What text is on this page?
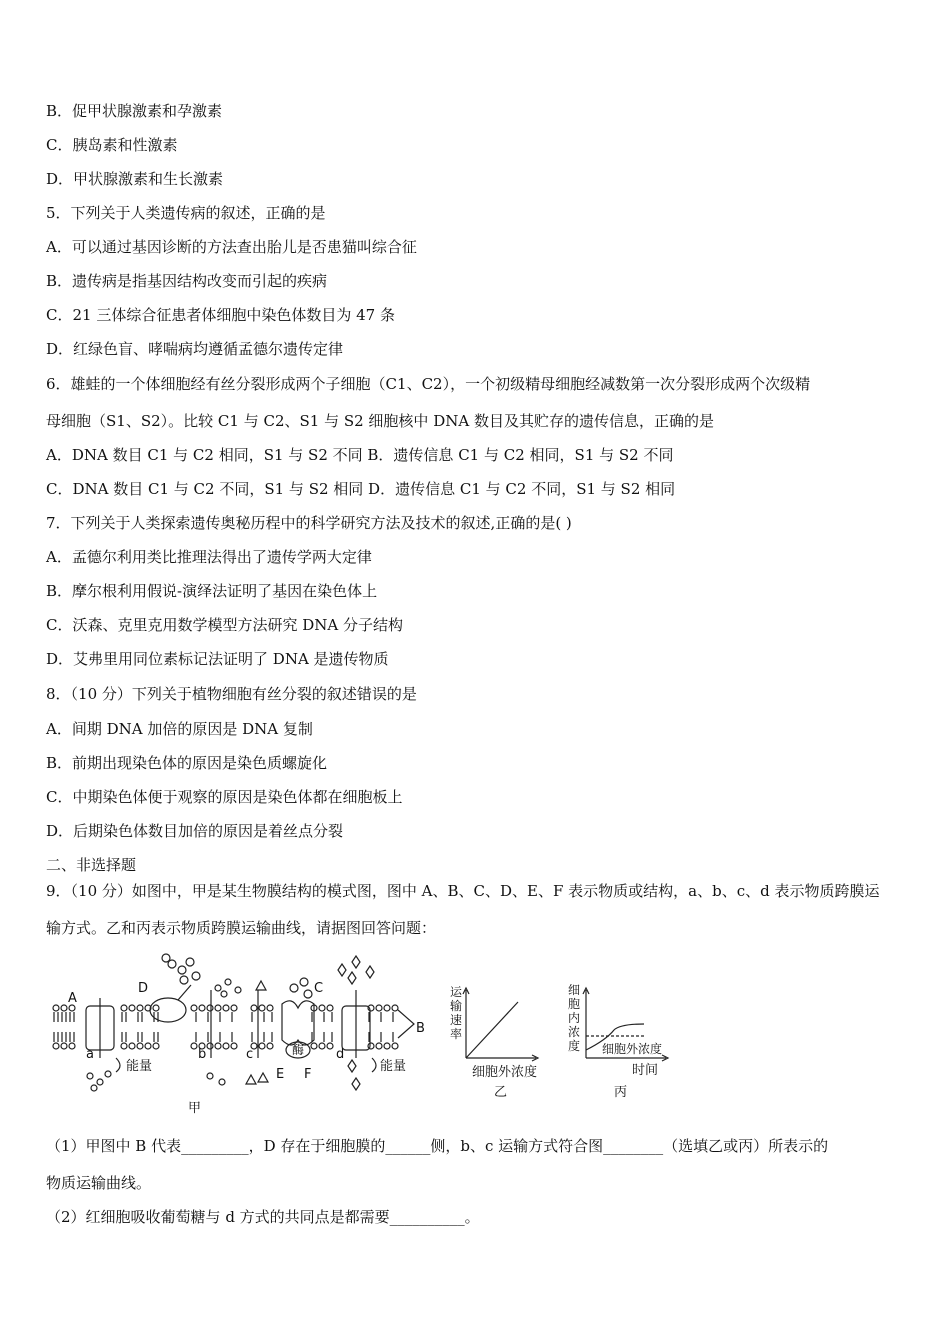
B．促甲状腺激素和孕激素
C．胰岛素和性激素
D．甲状腺激素和生长激素
5．下列关于人类遗传病的叙述，正确的是
A．可以通过基因诊断的方法查出胎儿是否患猫叫综合征
B．遗传病是指基因结构改变而引起的疾病
C．21 三体综合征患者体细胞中染色体数目为 47 条
D．红绿色盲、哮喘病均遵循孟德尔遗传定律
6．雄蛙的一个体细胞经有丝分裂形成两个子细胞（C1、C2），一个初级精母细胞经减数第一次分裂形成两个次级精
母细胞（S1、S2）。比较 C1 与 C2、S1 与 S2 细胞核中 DNA 数目及其贮存的遗传信息，正确的是
A．DNA 数目 C1 与 C2 相同，S1 与 S2 不同 B．遗传信息 C1 与 C2 相同，S1 与 S2 不同
C．DNA 数目 C1 与 C2 不同，S1 与 S2 相同 D．遗传信息 C1 与 C2 不同，S1 与 S2 相同
7．下列关于人类探索遗传奥秘历程中的科学研究方法及技术的叙述,正确的是( )
A．孟德尔利用类比推理法得出了遗传学两大定律
B．摩尔根利用假说-演绎法证明了基因在染色体上
C．沃森、克里克用数学模型方法研究 DNA 分子结构
D．艾弗里用同位素标记法证明了 DNA 是遗传物质
8．（10 分）下列关于植物细胞有丝分裂的叙述错误的是
A．间期 DNA 加倍的原因是 DNA 复制
B．前期出现染色体的原因是染色质螺旋化
C．中期染色体便于观察的原因是染色体都在细胞板上
D．后期染色体数目加倍的原因是着丝点分裂
二、非选择题
9．（10 分）如图中，甲是某生物膜结构的模式图，图中 A、B、C、D、E、F 表示物质或结构，a、b、c、d 表示物质跨膜运
输方式。乙和丙表示物质跨膜运输曲线，请据图回答问题：
A
D	C
B
a	b	c	d
E F
酶
能量	能量
甲
运
输
速
率
细胞外浓度
乙
细
胞
内
浓
度 细胞外浓度
时间
丙
（1）甲图中 B 代表_________，D 存在于细胞膜的______侧，b、c 运输方式符合图________（选填乙或丙）所表示的
物质运输曲线。
（2）红细胞吸收葡萄糖与 d 方式的共同点是都需要__________。
